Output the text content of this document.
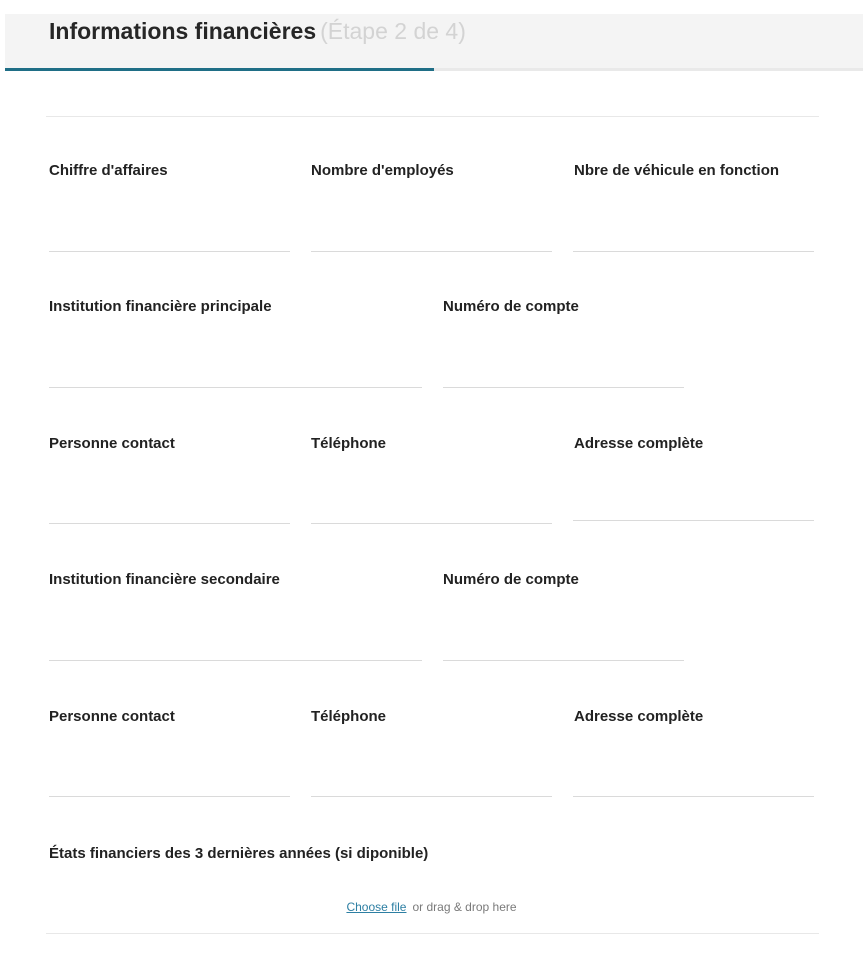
Informations financières (Étape 2 de 4)
Chiffre d'affaires	Nombre d'employés	Nbre de véhicule en fonction
Institution financière principale	Numéro de compte
Personne contact	Téléphone	Adresse complète
Institution financière secondaire	Numéro de compte
Personne contact	Téléphone	Adresse complète
États financiers des 3 dernières années (si diponible)
Choose file or drag & drop here
